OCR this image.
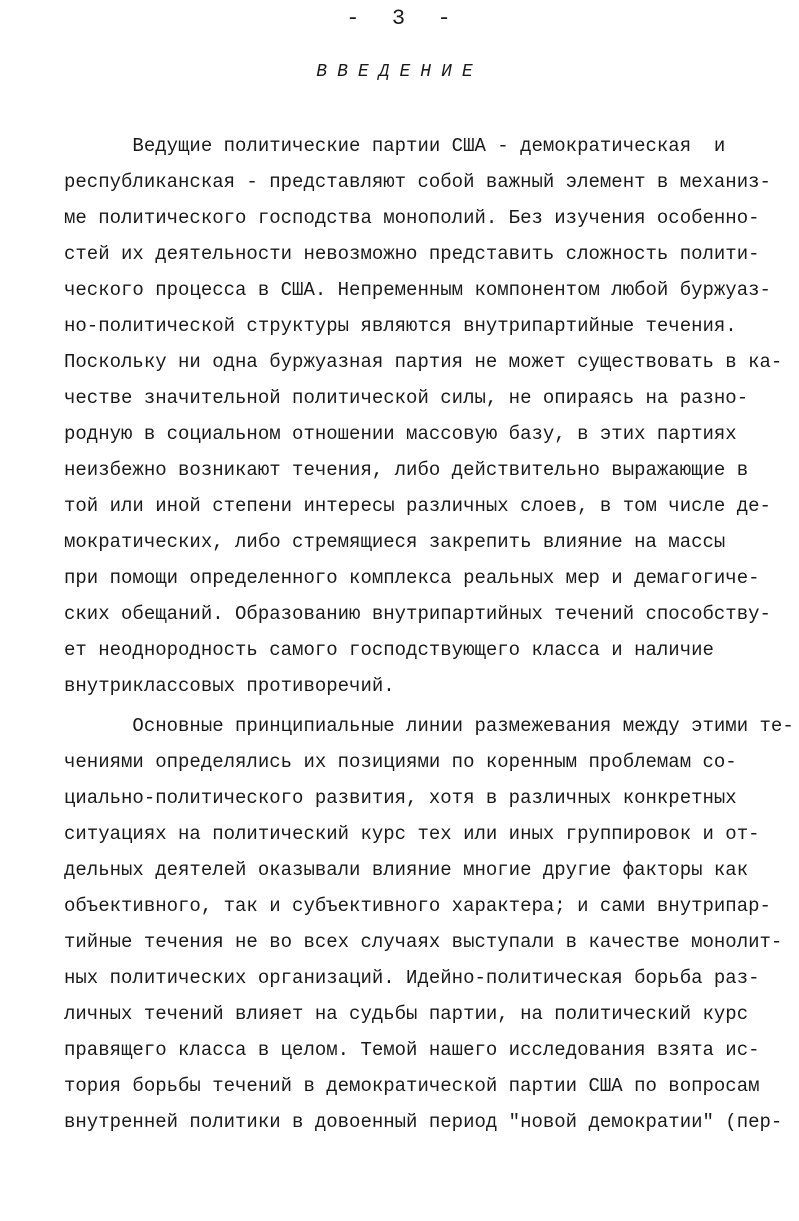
-  3  -
ВВЕДЕНИЕ
Ведущие политические партии США - демократическая  и
республиканская - представляют собой важный элемент в механиз-
ме политического господства монополий. Без изучения особенно-
стей их деятельности невозможно представить сложность полити-
ческого процесса в США. Непременным компонентом любой буржуаз-
но-политической структуры являются внутрипартийные течения.
Поскольку ни одна буржуазная партия не может существовать в ка-
честве значительной политической силы, не опираясь на разно-
родную в социальном отношении массовую базу, в этих партиях
неизбежно возникают течения, либо действительно выражающие в
той или иной степени интересы различных слоев, в том числе де-
мократических, либо стремящиеся закрепить влияние на массы
при помощи определенного комплекса реальных мер и демагогиче-
ских обещаний. Образованию внутрипартийных течений способству-
ет неоднородность самого господствующего класса и наличие
внутриклассовых противоречий.
Основные принципиальные линии размежевания между этими те-
чениями определялись их позициями по коренным проблемам со-
циально-политического развития, хотя в различных конкретных
ситуациях на политический курс тех или иных группировок и от-
дельных деятелей оказывали влияние многие другие факторы как
объективного, так и субъективного характера; и сами внутрипар-
тийные течения не во всех случаях выступали в качестве монолит-
ных политических организаций. Идейно-политическая борьба раз-
личных течений влияет на судьбы партии, на политический курс
правящего класса в целом. Темой нашего исследования взята ис-
тория борьбы течений в демократической партии США по вопросам
внутренней политики в довоенный период "новой демократии" (пер-
